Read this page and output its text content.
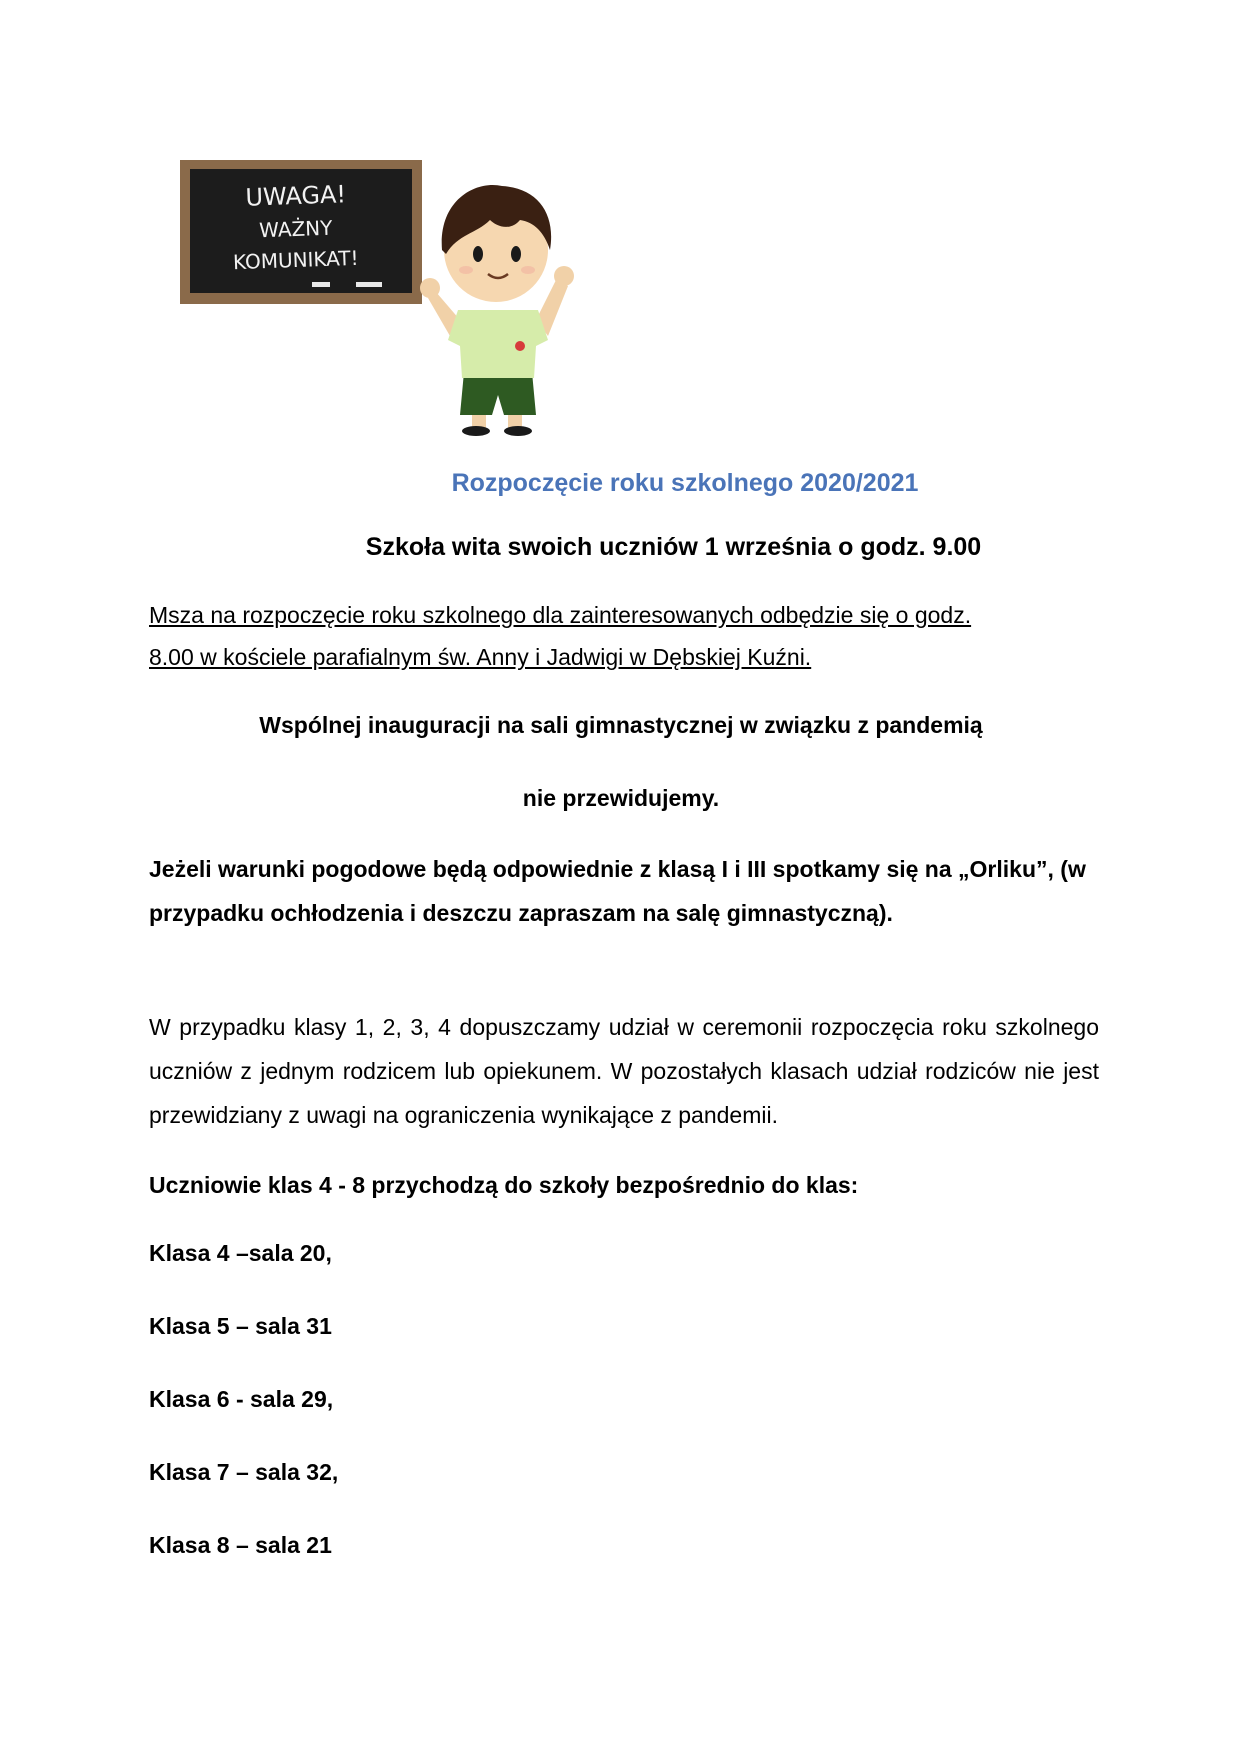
UWAGA!
WAŻNY
KOMUNIKAT!
Rozpoczęcie roku szkolnego 2020/2021
Szkoła wita swoich uczniów 1 września o godz. 9.00
Msza na rozpoczęcie roku szkolnego dla zainteresowanych odbędzie się o godz.
8.00 w kościele parafialnym św. Anny i Jadwigi w Dębskiej Kuźni.
Wspólnej inauguracji na sali gimnastycznej w związku z pandemią
nie przewidujemy.
Jeżeli warunki pogodowe będą odpowiednie z klasą I i III spotkamy się na „Orliku”, (w przypadku ochłodzenia i deszczu zapraszam na salę gimnastyczną).
W przypadku klasy 1, 2, 3, 4 dopuszczamy udział w ceremonii rozpoczęcia roku szkolnego uczniów z jednym rodzicem lub opiekunem. W pozostałych klasach udział rodziców nie jest przewidziany z uwagi na ograniczenia wynikające z pandemii.
Uczniowie klas 4 - 8 przychodzą do szkoły bezpośrednio do klas:
Klasa 4 –sala 20,
Klasa 5 – sala 31
Klasa 6 - sala 29,
Klasa 7 – sala 32,
Klasa 8 – sala 21
